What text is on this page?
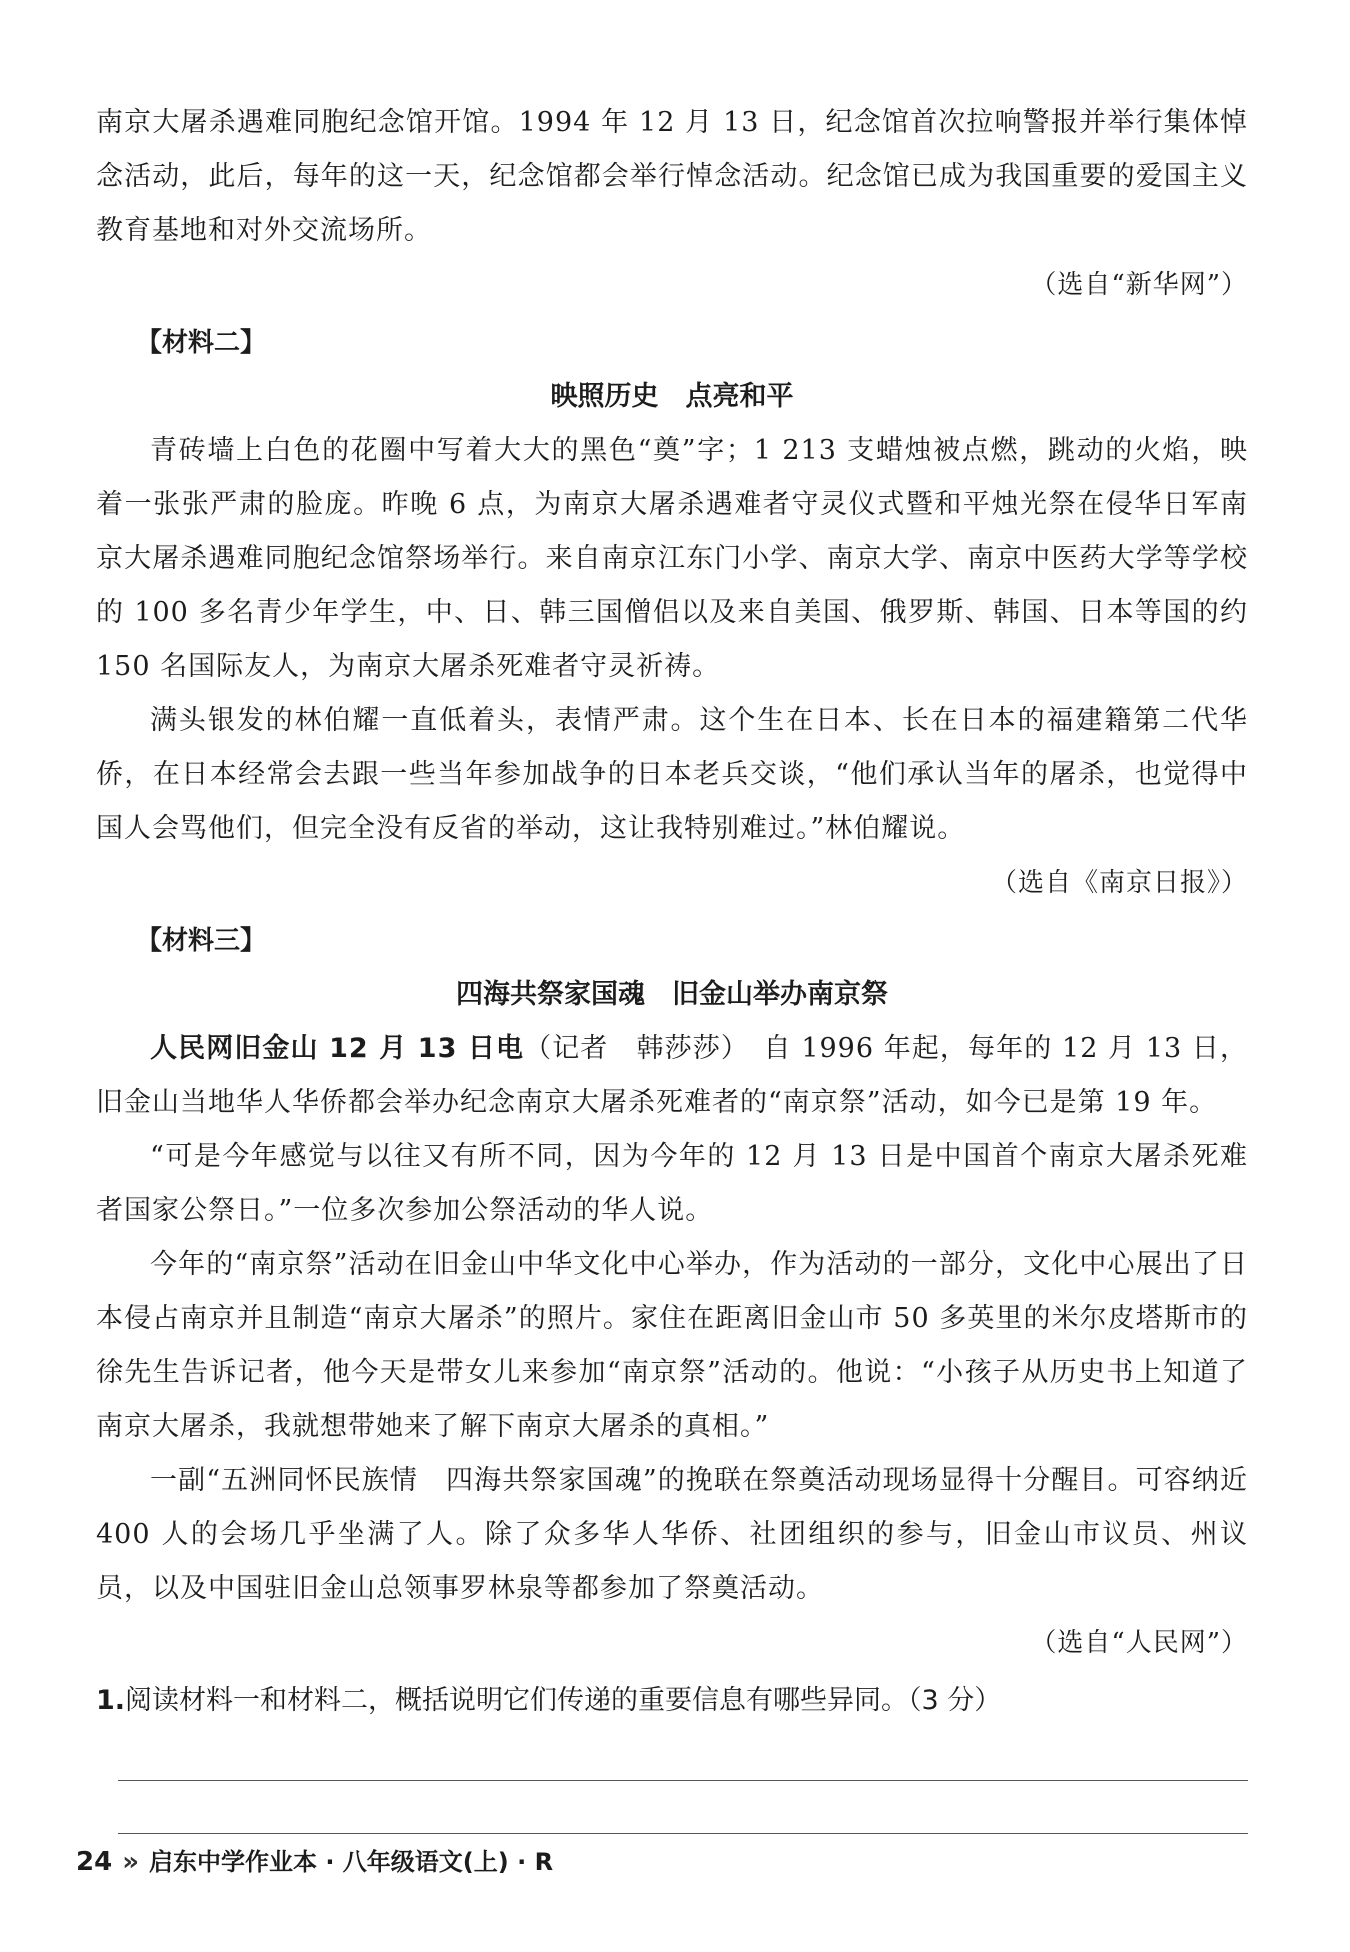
南京大屠杀遇难同胞纪念馆开馆。1994 年 12 月 13 日，纪念馆首次拉响警报并举行集体悼念活动，此后，每年的这一天，纪念馆都会举行悼念活动。纪念馆已成为我国重要的爱国主义教育基地和对外交流场所。

（选自“新华网”）

【材料二】
映照历史　点亮和平

青砖墙上白色的花圈中写着大大的黑色“奠”字；1 213 支蜡烛被点燃，跳动的火焰，映着一张张严肃的脸庞。昨晚 6 点，为南京大屠杀遇难者守灵仪式暨和平烛光祭在侵华日军南京大屠杀遇难同胞纪念馆祭场举行。来自南京江东门小学、南京大学、南京中医药大学等学校的 100 多名青少年学生，中、日、韩三国僧侣以及来自美国、俄罗斯、韩国、日本等国的约 150 名国际友人，为南京大屠杀死难者守灵祈祷。

满头银发的林伯耀一直低着头，表情严肃。这个生在日本、长在日本的福建籍第二代华侨，在日本经常会去跟一些当年参加战争的日本老兵交谈，“他们承认当年的屠杀，也觉得中国人会骂他们，但完全没有反省的举动，这让我特别难过。”林伯耀说。

（选自《南京日报》）

【材料三】
四海共祭家国魂　旧金山举办南京祭

人民网旧金山 12 月 13 日电（记者　韩莎莎）　自 1996 年起，每年的 12 月 13 日，旧金山当地华人华侨都会举办纪念南京大屠杀死难者的“南京祭”活动，如今已是第 19 年。

“可是今年感觉与以往又有所不同，因为今年的 12 月 13 日是中国首个南京大屠杀死难者国家公祭日。”一位多次参加公祭活动的华人说。

今年的“南京祭”活动在旧金山中华文化中心举办，作为活动的一部分，文化中心展出了日本侵占南京并且制造“南京大屠杀”的照片。家住在距离旧金山市 50 多英里的米尔皮塔斯市的徐先生告诉记者，他今天是带女儿来参加“南京祭”活动的。他说：“小孩子从历史书上知道了南京大屠杀，我就想带她来了解下南京大屠杀的真相。”

一副“五洲同怀民族情　四海共祭家国魂”的挽联在祭奠活动现场显得十分醒目。可容纳近 400 人的会场几乎坐满了人。除了众多华人华侨、社团组织的参与，旧金山市议员、州议员，以及中国驻旧金山总领事罗林泉等都参加了祭奠活动。

（选自“人民网”）

1.阅读材料一和材料二，概括说明它们传递的重要信息有哪些异同。（3 分）
24 » 启东中学作业本 · 八年级语文(上) · R
